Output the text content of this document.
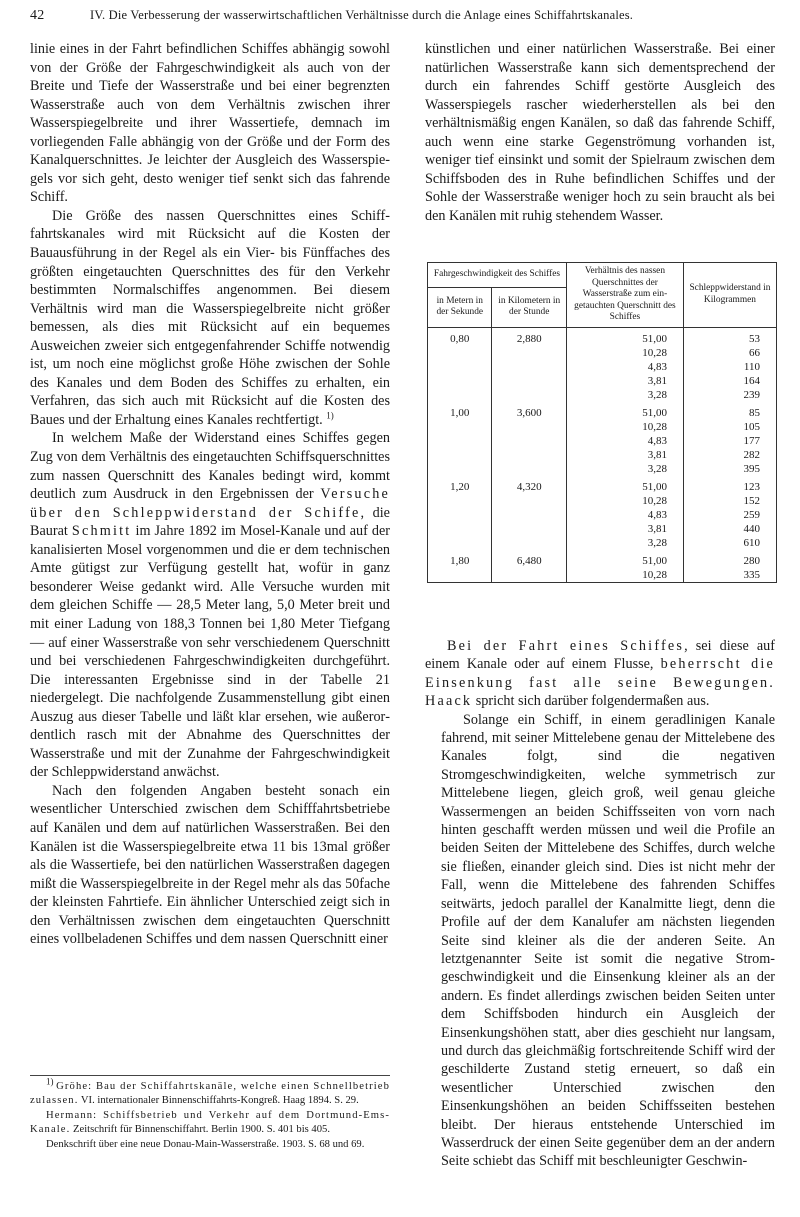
42	IV. Die Verbesserung der wasserwirtschaftlichen Verhältnisse durch die Anlage eines Schiffahrtskanales.

linie eines in der Fahrt befindlichen Schiffes abhängig sowohl von der Größe der Fahrgeschwindigkeit als auch von der Breite und Tiefe der Wasserstraße und bei einer begrenzten Wasserstraße auch von dem Verhältnis zwischen ihrer Wasserspiegelbreite und ihrer Wassertiefe, demnach im vorliegenden Falle abhängig von der Größe und der Form des Kanalquerschnittes. Je leichter der Ausgleich des Wasserspiegels vor sich geht, desto weniger tief senkt sich das fahrende Schiff.

Die Größe des nassen Querschnittes eines Schifffahrtskanales wird mit Rücksicht auf die Kosten der Bauausführung in der Regel als ein Vier- bis Fünffaches des größten eingetauchten Querschnittes des für den Verkehr bestimmten Normalschiffes angenommen. Bei diesem Verhältnis wird man die Wasserspiegelbreite nicht größer bemessen, als dies mit Rücksicht auf ein bequemes Ausweichen zweier sich entgegenfahrender Schiffe notwendig ist, um noch eine möglichst große Höhe zwischen der Sohle des Kanales und dem Boden des Schiffes zu erhalten, ein Verfahren, das sich auch mit Rücksicht auf die Kosten des Baues und der Erhaltung eines Kanales rechtfertigt. $^{1)}$

In welchem Maße der Widerstand eines Schiffes gegen Zug von dem Verhältnis des eingetauchten Schiffsquerschnittes zum nassen Querschnitt des Kanales bedingt wird, kommt deutlich zum Ausdruck in den Ergebnissen der Versuche über den Schleppwiderstand der Schiffe, die Baurat Schmitt im Jahre 1892 im Mosel-Kanale und auf der kanalisierten Mosel vorgenommen und die er dem technischen Amte gütigst zur Verfügung gestellt hat, wofür in ganz besonderer Weise gedankt wird. Alle Versuche wurden mit dem gleichen Schiffe — 28,5 Meter lang, 5,0 Meter breit und mit einer Ladung von 188,3 Tonnen bei 1,80 Meter Tiefgang — auf einer Wasserstraße von sehr verschiedenem Querschnitt und bei verschiedenen Fahrgeschwindigkeiten durchgeführt. Die interessanten Ergebnisse sind in der Tabelle 21 niedergelegt. Die nachfolgende Zusammenstellung gibt einen Auszug aus dieser Tabelle und läßt klar ersehen, wie außerordentlich rasch mit der Abnahme des Querschnittes der Wasserstraße und mit der Zunahme der Fahrgeschwindigkeit der Schleppwiderstand anwächst.

Nach den folgenden Angaben besteht sonach ein wesentlicher Unterschied zwischen dem Schifffahrtsbetriebe auf Kanälen und dem auf natürlichen Wasserstraßen. Bei den Kanälen ist die Wasserspiegelbreite etwa 11 bis 13mal größer als die Wassertiefe, bei den natürlichen Wasserstraßen dagegen mißt die Wasserspiegelbreite in der Regel mehr als das 50fache der kleinsten Fahrtiefe. Ein ähnlicher Unterschied zeigt sich in den Verhältnissen zwischen dem eingetauchten Querschnitt eines vollbeladenen Schiffes und dem nassen Querschnitt einer

$^{1)}$ Gröhe: Bau der Schiffahrtskanäle, welche einen Schnellbetrieb zulassen. VI. internationaler Binnenschiffahrts-Kongreß. Haag 1894. S. 29.

Hermann: Schiffsbetrieb und Verkehr auf dem Dortmund-Ems-Kanale. Zeitschrift für Binnenschiffahrt. Berlin 1900. S. 401 bis 405.

Denkschrift über eine neue Donau-Main-Wasserstraße. 1903. S. 68 und 69.

künstlichen und einer natürlichen Wasserstraße. Bei einer natürlichen Wasserstraße kann sich dementsprechend der durch ein fahrendes Schiff gestörte Ausgleich des Wasserspiegels rascher wiederherstellen als bei den verhältnismäßig engen Kanälen, so daß das fahrende Schiff, auch wenn eine starke Gegenströmung vorhanden ist, weniger tief einsinkt und somit der Spielraum zwischen dem Schiffsboden des in Ruhe befindlichen Schiffes und der Sohle der Wasserstraße weniger hoch zu sein braucht als bei den Kanälen mit ruhig stehendem Wasser.

Fahrgeschwindigkeit des Schiffes		Verhältnis des nassen Querschnittes der Wasserstraße zum eingetauchten Querschnitt des Schiffes	Schleppwiderstand in Kilogrammen
in Metern in der Sekunde	in Kilometern in der Stunde		
0,80	2,880	51,00	53
		10,28	66
		4,83	110
		3,81	164
		3,28	239
1,00	3,600	51,00	85
		10,28	105
		4,83	177
		3,81	282
		3,28	395
1,20	4,320	51,00	123
		10,28	152
		4,83	259
		3,81	440
		3,28	610
1,80	6,480	51,00	280
		10,28	335

Bei der Fahrt eines Schiffes, sei diese auf einem Kanale oder auf einem Flusse, beherrscht die Einsenkung fast alle seine Bewegungen. Haack spricht sich darüber folgendermaßen aus.

Solange ein Schiff, in einem geradlinigen Kanale fahrend, mit seiner Mittelebene genau der Mittelebene des Kanales folgt, sind die negativen Stromgeschwindigkeiten, welche symmetrisch zur Mittelebene liegen, gleich groß, weil genau gleiche Wassermengen an beiden Schiffsseiten von vorn nach hinten geschafft werden müssen und weil die Profile an beiden Seiten der Mittelebene des Schiffes, durch welche sie fließen, einander gleich sind. Dies ist nicht mehr der Fall, wenn die Mittelebene des fahrenden Schiffes seitwärts, jedoch parallel der Kanalmitte liegt, denn die Profile auf der dem Kanalufer am nächsten liegenden Seite sind kleiner als die der anderen Seite. An letztgenannter Seite ist somit die negative Stromgeschwindigkeit und die Einsenkung kleiner als an der andern. Es findet allerdings zwischen beiden Seiten unter dem Schiffsboden hindurch ein Ausgleich der Einsenkungshöhen statt, aber dies geschieht nur langsam, und durch das gleichmäßig fortschreitende Schiff wird der geschilderte Zustand stetig erneuert, so daß ein wesentlicher Unterschied zwischen den Einsenkungshöhen an beiden Schiffsseiten bestehen bleibt. Der hieraus entstehende Unterschied im Wasserdruck der einen Seite gegenüber dem an der andern Seite schiebt das Schiff mit beschleunigter Geschwin-
